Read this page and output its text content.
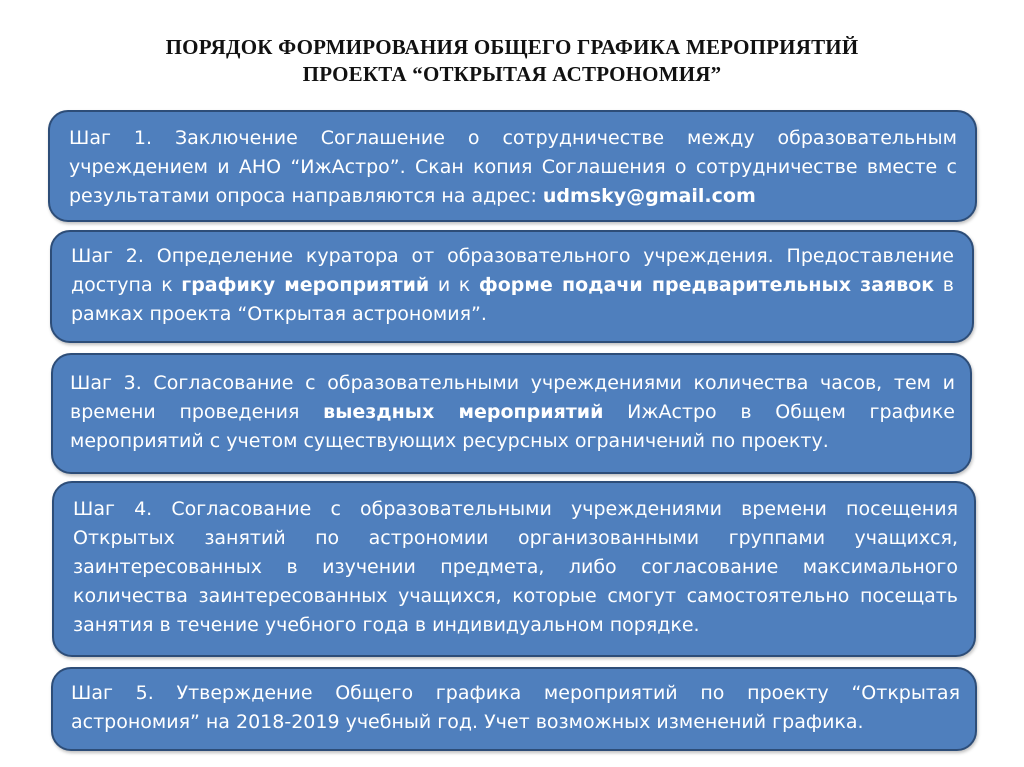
ПОРЯДОК ФОРМИРОВАНИЯ ОБЩЕГО ГРАФИКА МЕРОПРИЯТИЙ
ПРОЕКТА “ОТКРЫТАЯ АСТРОНОМИЯ”

Шаг 1. Заключение Соглашение о сотрудничестве между образовательным учреждением и АНО “ИжАстро”. Скан копия Соглашения о сотрудничестве вместе с результатами опроса направляются на адрес: udmsky@gmail.com

Шаг 2. Определение куратора от образовательного учреждения. Предоставление доступа к графику мероприятий и к форме подачи предварительных заявок в рамках проекта “Открытая астрономия”.

Шаг 3. Согласование с образовательными учреждениями количества часов, тем и времени проведения выездных мероприятий ИжАстро в Общем графике мероприятий с учетом существующих ресурсных ограничений по проекту.

Шаг 4. Согласование с образовательными учреждениями времени посещения Открытых занятий по астрономии организованными группами учащихся, заинтересованных в изучении предмета, либо согласование максимального количества заинтересованных учащихся, которые смогут самостоятельно посещать занятия в течение учебного года в индивидуальном порядке.

Шаг 5. Утверждение Общего графика мероприятий по проекту “Открытая астрономия” на 2018-2019 учебный год. Учет возможных изменений графика.
